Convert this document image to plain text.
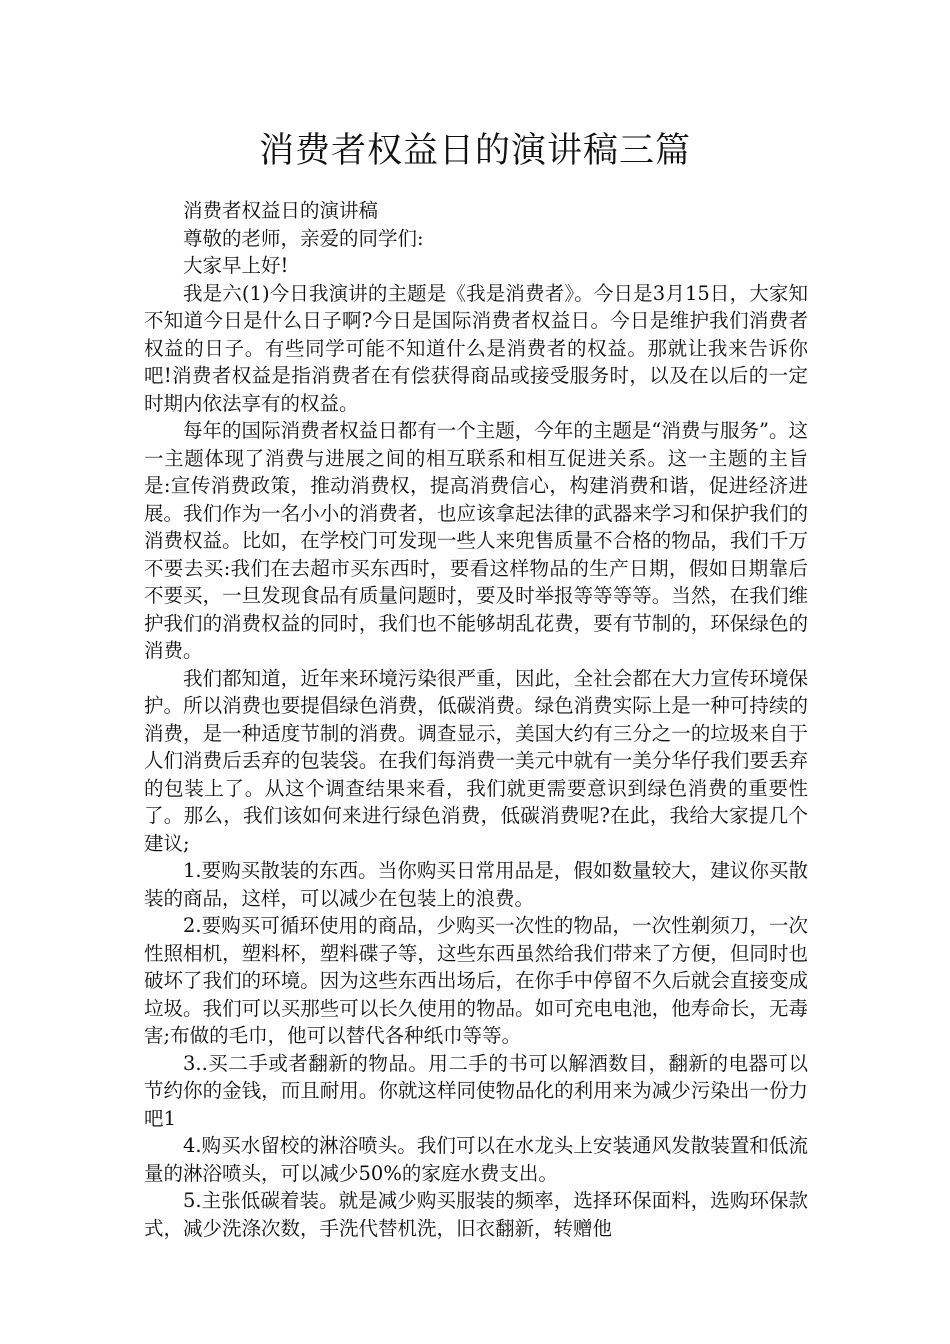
消费者权益日的演讲稿三篇

消费者权益日的演讲稿

尊敬的老师，亲爱的同学们:

大家早上好!

我是六(1)今日我演讲的主题是《我是消费者》。今日是3月15日，大家知不知道今日是什么日子啊?今日是国际消费者权益日。今日是维护我们消费者权益的日子。有些同学可能不知道什么是消费者的权益。那就让我来告诉你吧!消费者权益是指消费者在有偿获得商品或接受服务时，以及在以后的一定时期内依法享有的权益。

每年的国际消费者权益日都有一个主题，今年的主题是“消费与服务”。这一主题体现了消费与进展之间的相互联系和相互促进关系。这一主题的主旨是:宣传消费政策，推动消费权，提高消费信心，构建消费和谐，促进经济进展。我们作为一名小小的消费者，也应该拿起法律的武器来学习和保护我们的消费权益。比如，在学校门可发现一些人来兜售质量不合格的物品，我们千万不要去买:我们在去超市买东西时，要看这样物品的生产日期，假如日期靠后不要买，一旦发现食品有质量问题时，要及时举报等等等等。当然，在我们维护我们的消费权益的同时，我们也不能够胡乱花费，要有节制的，环保绿色的消费。

我们都知道，近年来环境污染很严重，因此，全社会都在大力宣传环境保护。所以消费也要提倡绿色消费，低碳消费。绿色消费实际上是一种可持续的消费，是一种适度节制的消费。调查显示，美国大约有三分之一的垃圾来自于人们消费后丢弃的包装袋。在我们每消费一美元中就有一美分华仔我们要丢弃的包装上了。从这个调查结果来看，我们就更需要意识到绿色消费的重要性了。那么，我们该如何来进行绿色消费，低碳消费呢?在此，我给大家提几个建议;

1.要购买散装的东西。当你购买日常用品是，假如数量较大，建议你买散装的商品，这样，可以减少在包装上的浪费。

2.要购买可循环使用的商品，少购买一次性的物品，一次性剃须刀，一次性照相机，塑料杯，塑料碟子等，这些东西虽然给我们带来了方便，但同时也破坏了我们的环境。因为这些东西出场后，在你手中停留不久后就会直接变成垃圾。我们可以买那些可以长久使用的物品。如可充电电池，他寿命长，无毒害;布做的毛巾，他可以替代各种纸巾等等。

3..买二手或者翻新的物品。用二手的书可以解酒数目，翻新的电器可以节约你的金钱，而且耐用。你就这样同使物品化的利用来为减少污染出一份力吧1

4.购买水留校的淋浴喷头。我们可以在水龙头上安装通风发散装置和低流量的淋浴喷头，可以减少50%的家庭水费支出。

5.主张低碳着装。就是减少购买服装的频率，选择环保面料，选购环保款式，减少洗涤次数，手洗代替机洗，旧衣翻新，转赠他
